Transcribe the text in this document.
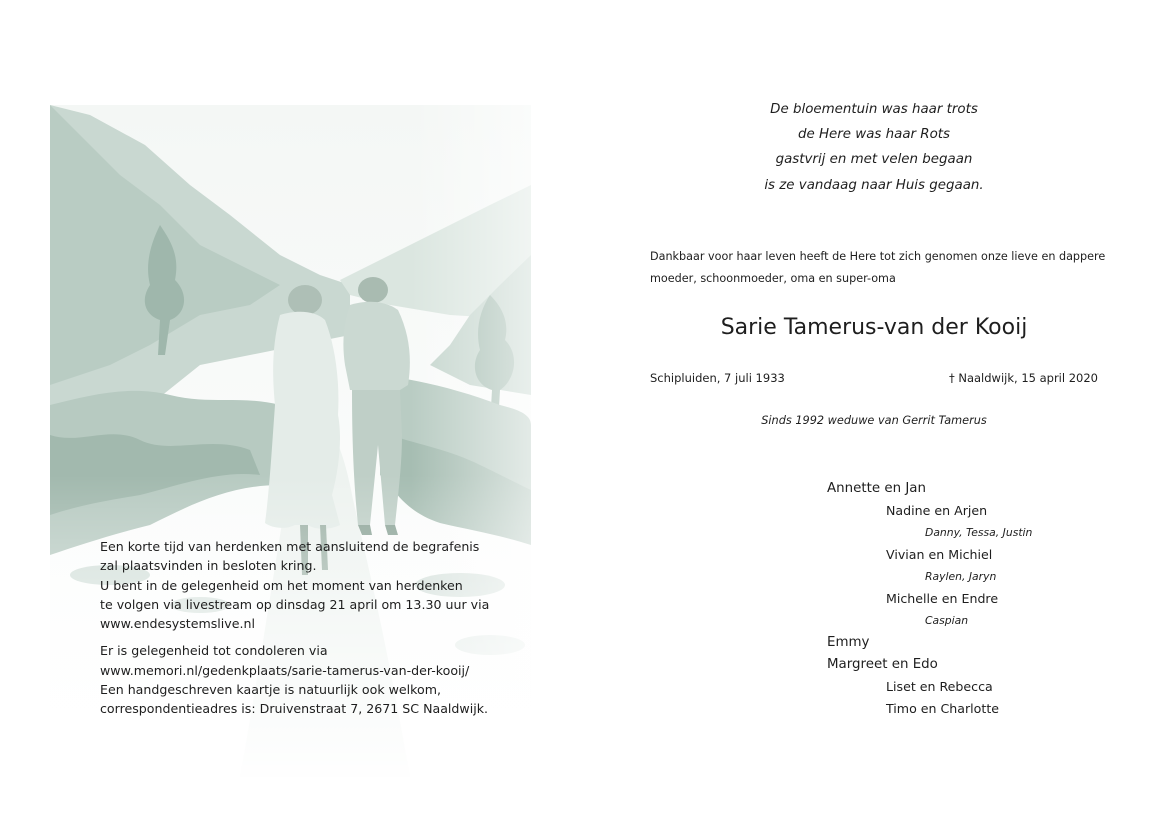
Een korte tijd van herdenken met aansluitend de begrafenis
zal plaatsvinden in besloten kring.
U bent in de gelegenheid om het moment van herdenken
te volgen via livestream op dinsdag 21 april om 13.30 uur via
www.endesystemslive.nl
Er is gelegenheid tot condoleren via
www.memori.nl/gedenkplaats/sarie-tamerus-van-der-kooij/
Een handgeschreven kaartje is natuurlijk ook welkom,
correspondentieadres is: Druivenstraat 7, 2671 SC Naaldwijk.
De bloementuin was haar trots
de Here was haar Rots
gastvrij en met velen begaan
is ze vandaag naar Huis gegaan.
Dankbaar voor haar leven heeft de Here tot zich genomen onze lieve en dappere
moeder, schoonmoeder, oma en super-oma
Sarie Tamerus-van der Kooij
Schipluiden, 7 juli 1933	† Naaldwijk, 15 april 2020
Sinds 1992 weduwe van Gerrit Tamerus
Annette en Jan
Nadine en Arjen
Danny, Tessa, Justin
Vivian en Michiel
Raylen, Jaryn
Michelle en Endre
Caspian
Emmy
Margreet en Edo
Liset en Rebecca
Timo en Charlotte
